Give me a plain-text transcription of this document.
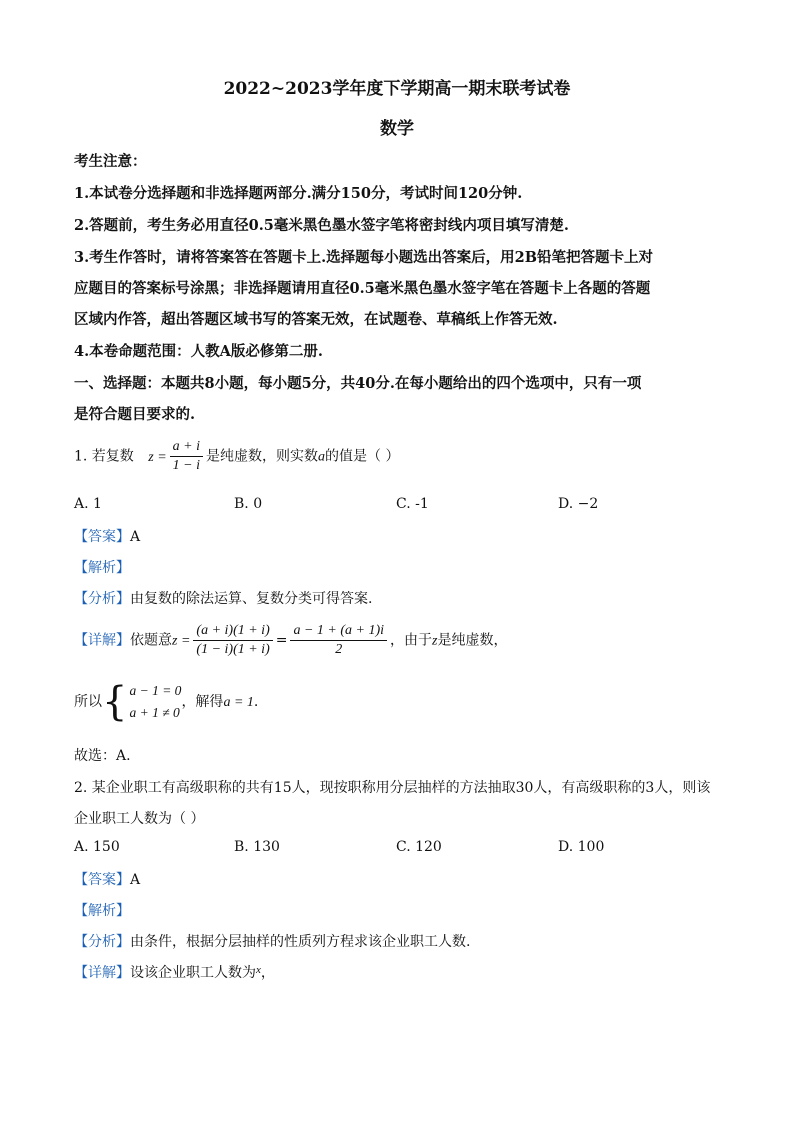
2022~2023学年度下学期高一期末联考试卷
数学
考生注意：
1.本试卷分选择题和非选择题两部分.满分150分，考试时间120分钟.
2.答题前，考生务必用直径0.5毫米黑色墨水签字笔将密封线内项目填写清楚.
3.考生作答时，请将答案答在答题卡上.选择题每小题选出答案后，用2B铅笔把答题卡上对
应题目的答案标号涂黑；非选择题请用直径0.5毫米黑色墨水签字笔在答题卡上各题的答题
区域内作答，超出答题区域书写的答案无效，在试题卷、草稿纸上作答无效.
4.本卷命题范围：人教A版必修第二册.
一、选择题：本题共8小题，每小题5分，共40分.在每小题给出的四个选项中，只有一项
是符合题目要求的.
1. 若复数 $z = \frac{a + i}{1 - i}$ 是纯虚数，则实数a的值是（ ）
A. 1	B. 0	C. -1	D. −2
【答案】A
【解析】
【分析】由复数的除法运算、复数分类可得答案.
【详解】依题意$z = \frac{(a + i)(1 + i)}{(1 - i)(1 + i)} = \frac{a - 1 + (a + 1)i}{2}$ ，由于z是纯虚数，
所以 { a − 1 = 0
a + 1 ≠ 0
，解得a = 1.
故选：A.
2. 某企业职工有高级职称的共有15人，现按职称用分层抽样的方法抽取30人，有高级职称的3人，则该
企业职工人数为（ ）
A. 150	B. 130	C. 120	D. 100
【答案】A
【解析】
【分析】由条件，根据分层抽样的性质列方程求该企业职工人数.
【详解】设该企业职工人数为$^x$，
